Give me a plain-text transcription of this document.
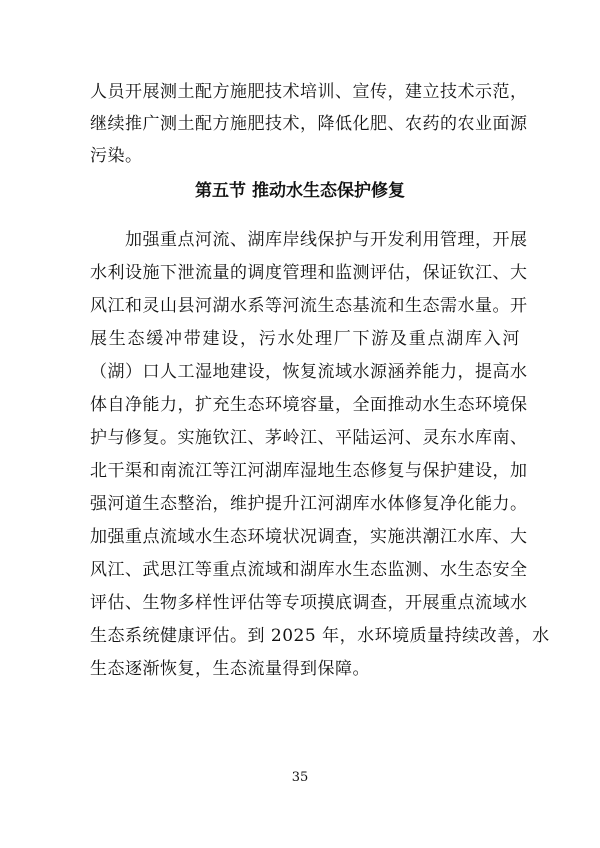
人员开展测土配方施肥技术培训、宣传，建立技术示范，
继续推广测土配方施肥技术，降低化肥、农药的农业面源
污染。
第五节 推动水生态保护修复
　　加强重点河流、湖库岸线保护与开发利用管理，开展
水利设施下泄流量的调度管理和监测评估，保证钦江、大
风江和灵山县河湖水系等河流生态基流和生态需水量。开
展生态缓冲带建设，污水处理厂下游及重点湖库入河
（湖）口人工湿地建设，恢复流域水源涵养能力，提高水
体自净能力，扩充生态环境容量，全面推动水生态环境保
护与修复。实施钦江、茅岭江、平陆运河、灵东水库南、
北干渠和南流江等江河湖库湿地生态修复与保护建设，加
强河道生态整治，维护提升江河湖库水体修复净化能力。
加强重点流域水生态环境状况调查，实施洪潮江水库、大
风江、武思江等重点流域和湖库水生态监测、水生态安全
评估、生物多样性评估等专项摸底调查，开展重点流域水
生态系统健康评估。到 2025 年，水环境质量持续改善，水
生态逐渐恢复，生态流量得到保障。
35
